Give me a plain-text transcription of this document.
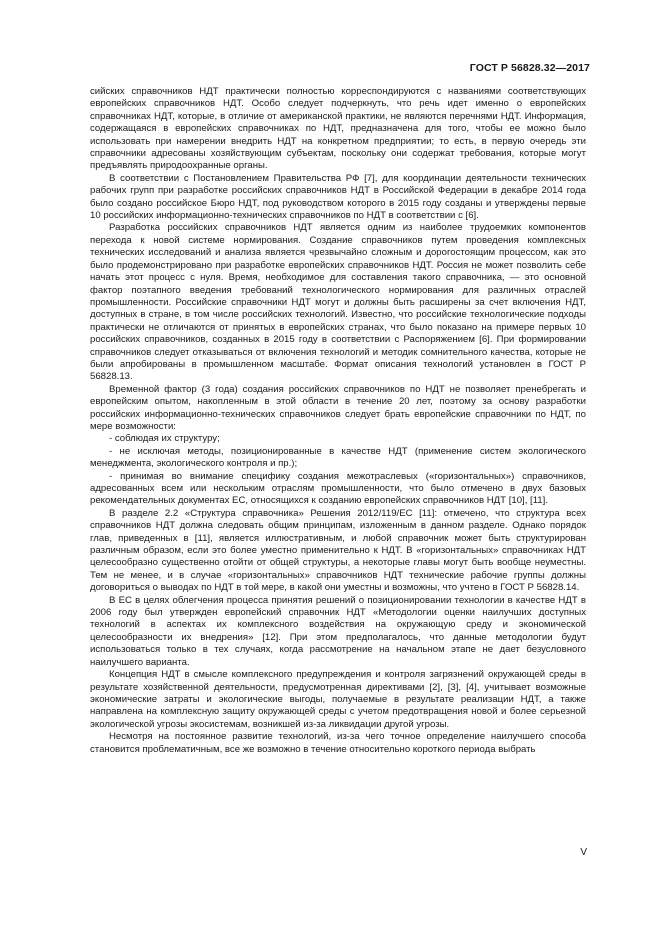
ГОСТ Р 56828.32—2017

сийских справочников НДТ практически полностью корреспондируются с названиями соответствующих европейских справочников НДТ. Особо следует подчеркнуть, что речь идет именно о европейских справочниках НДТ, которые, в отличие от американской практики, не являются перечнями НДТ. Информация, содержащаяся в европейских справочниках по НДТ, предназначена для того, чтобы ее можно было использовать при намерении внедрить НДТ на конкретном предприятии; то есть, в первую очередь эти справочники адресованы хозяйствующим субъектам, поскольку они содержат требования, которые могут предъявлять природоохранные органы.

В соответствии с Постановлением Правительства РФ [7], для координации деятельности технических рабочих групп при разработке российских справочников НДТ в Российской Федерации в декабре 2014 года было создано российское Бюро НДТ, под руководством которого в 2015 году созданы и утверждены первые 10 российских информационно-технических справочников по НДТ в соответствии с [6].

Разработка российских справочников НДТ является одним из наиболее трудоемких компонентов перехода к новой системе нормирования. Создание справочников путем проведения комплексных технических исследований и анализа является чрезвычайно сложным и дорогостоящим процессом, как это было продемонстрировано при разработке европейских справочников НДТ. Россия не может позволить себе начать этот процесс с нуля. Время, необходимое для составления такого справочника, — это основной фактор поэтапного введения требований технологического нормирования для различных отраслей промышленности. Российские справочники НДТ могут и должны быть расширены за счет включения НДТ, доступных в стране, в том числе российских технологий. Известно, что российские технологические подходы практически не отличаются от принятых в европейских странах, что было показано на примере первых 10 российских справочников, созданных в 2015 году в соответствии с Распоряжением [6]. При формировании справочников следует отказываться от включения технологий и методик сомнительного качества, которые не были апробированы в промышленном масштабе. Формат описания технологий установлен в ГОСТ Р 56828.13.

Временной фактор (3 года) создания российских справочников по НДТ не позволяет пренебрегать и европейским опытом, накопленным в этой области в течение 20 лет, поэтому за основу разработки российских информационно-технических справочников следует брать европейские справочники по НДТ, по мере возможности:

- соблюдая их структуру;

- не исключая методы, позиционированные в качестве НДТ (применение систем экологического менеджмента, экологического контроля и пр.);

- принимая во внимание специфику создания межотраслевых («горизонтальных») справочников, адресованных всем или нескольким отраслям промышленности, что было отмечено в двух базовых рекомендательных документах ЕС, относящихся к созданию европейских справочников НДТ [10], [11].

В разделе 2.2 «Структура справочника» Решения 2012/119/ЕС [11]: отмечено, что структура всех справочников НДТ должна следовать общим принципам, изложенным в данном разделе. Однако порядок глав, приведенных в [11], является иллюстративным, и любой справочник может быть структурирован различным образом, если это более уместно применительно к НДТ. В «горизонтальных» справочниках НДТ целесообразно существенно отойти от общей структуры, а некоторые главы могут быть вообще неуместны. Тем не менее, и в случае «горизонтальных» справочников НДТ технические рабочие группы должны договориться о выводах по НДТ в той мере, в какой они уместны и возможны, что учтено в ГОСТ Р 56828.14.

В ЕС в целях облегчения процесса принятия решений о позиционировании технологии в качестве НДТ в 2006 году был утвержден европейский справочник НДТ «Методологии оценки наилучших доступных технологий в аспектах их комплексного воздействия на окружающую среду и экономической целесообразности их внедрения» [12]. При этом предполагалось, что данные методологии будут использоваться только в тех случаях, когда рассмотрение на начальном этапе не дает безусловного наилучшего варианта.

Концепция НДТ в смысле комплексного предупреждения и контроля загрязнений окружающей среды в результате хозяйственной деятельности, предусмотренная директивами [2], [3], [4], учитывает возможные экономические затраты и экологические выгоды, получаемые в результате реализации НДТ, а также направлена на комплексную защиту окружающей среды с учетом предотвращения новой и более серьезной экологической угрозы экосистемам, возникшей из-за ликвидации другой угрозы.

Несмотря на постоянное развитие технологий, из-за чего точное определение наилучшего способа становится проблематичным, все же возможно в течение относительно короткого периода выбрать

V
